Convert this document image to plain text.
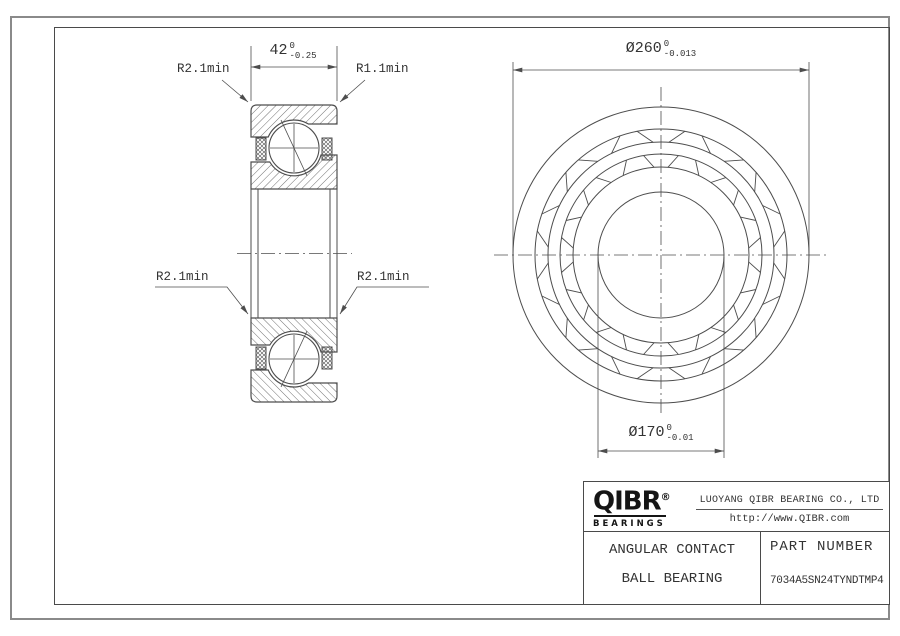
42 0
-0.25	Ø260 0
-0.013
Ø170 0
-0.01
R2.1min	R1.1min
R2.1min	R2.1min
QIBR®
BEARINGS
LUOYANG QIBR BEARING CO., LTD
http://www.QIBR.com
ANGULAR CONTACT
BALL BEARING
PART NUMBER
7034A5SN24TYNDTMP4
